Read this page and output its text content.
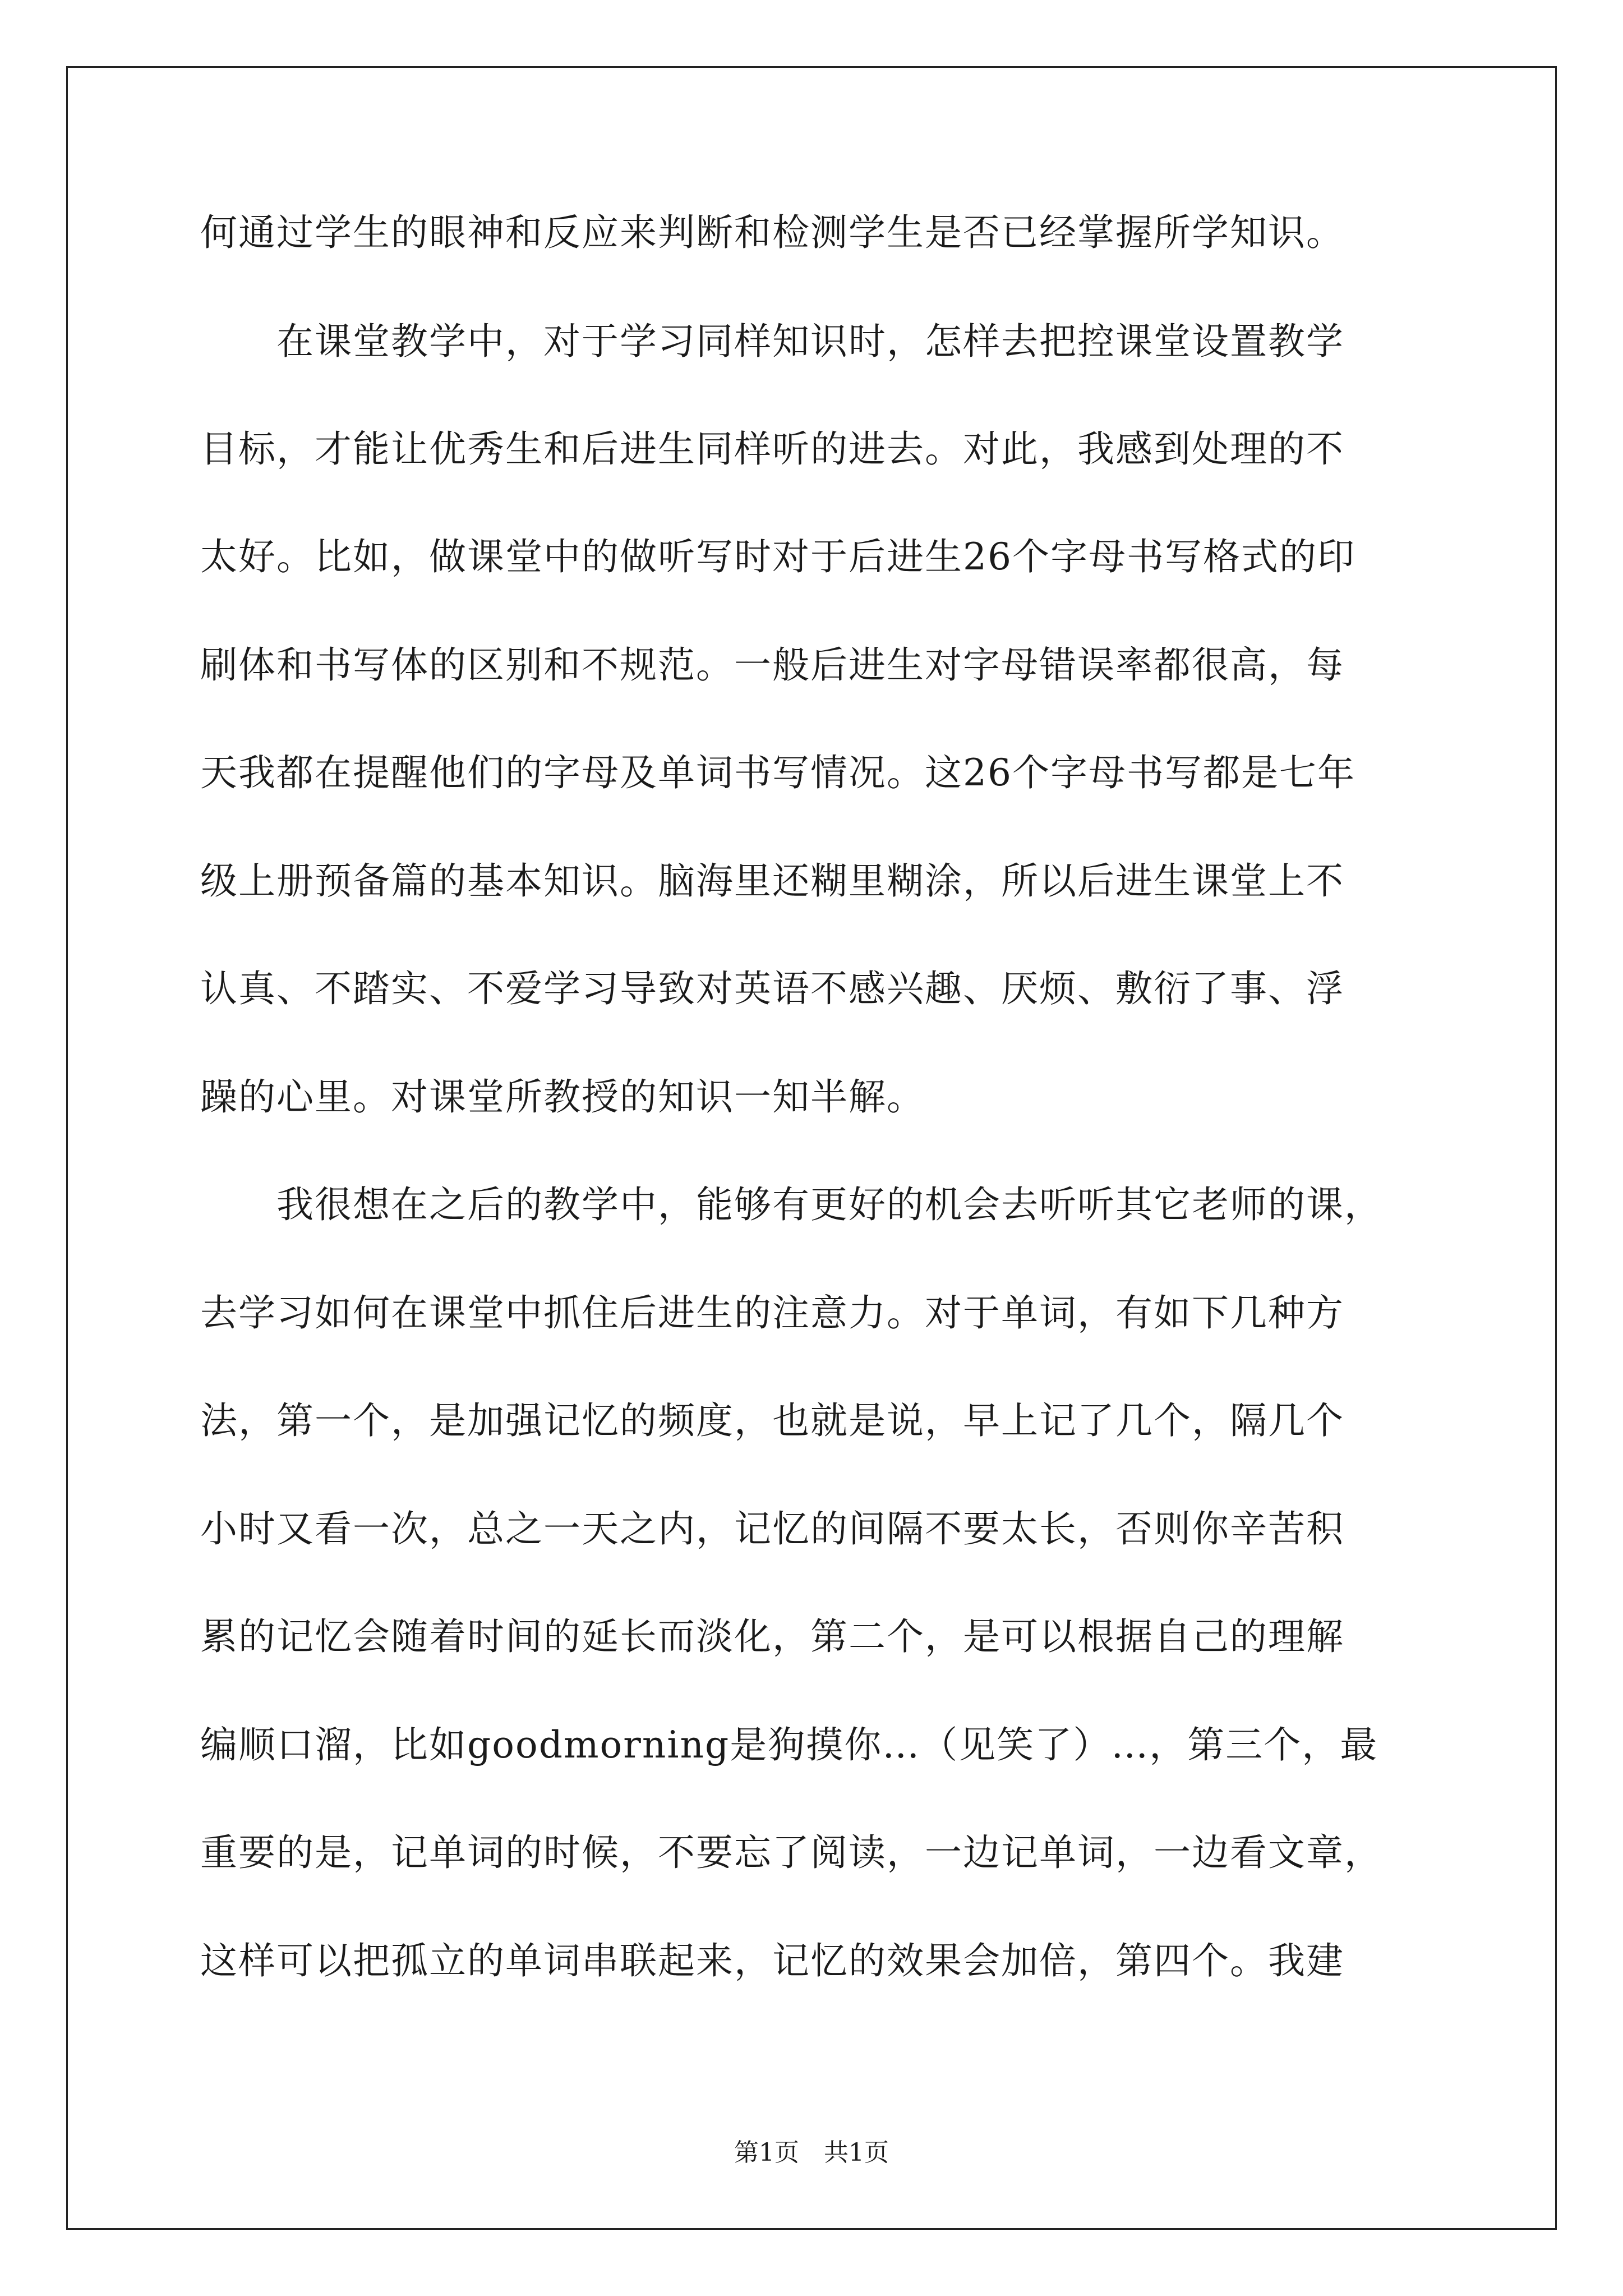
何通过学生的眼神和反应来判断和检测学生是否已经掌握所学知识。
　　在课堂教学中，对于学习同样知识时，怎样去把控课堂设置教学
目标，才能让优秀生和后进生同样听的进去。对此，我感到处理的不
太好。比如，做课堂中的做听写时对于后进生26个字母书写格式的印
刷体和书写体的区别和不规范。一般后进生对字母错误率都很高，每
天我都在提醒他们的字母及单词书写情况。这26个字母书写都是七年
级上册预备篇的基本知识。脑海里还糊里糊涂，所以后进生课堂上不
认真、不踏实、不爱学习导致对英语不感兴趣、厌烦、敷衍了事、浮
躁的心里。对课堂所教授的知识一知半解。
　　我很想在之后的教学中，能够有更好的机会去听听其它老师的课，
去学习如何在课堂中抓住后进生的注意力。对于单词，有如下几种方
法，第一个，是加强记忆的频度，也就是说，早上记了几个，隔几个
小时又看一次，总之一天之内，记忆的间隔不要太长，否则你辛苦积
累的记忆会随着时间的延长而淡化，第二个，是可以根据自己的理解
编顺口溜，比如goodmorning是狗摸你…（见笑了）…，第三个，最
重要的是，记单词的时候，不要忘了阅读，一边记单词，一边看文章，
这样可以把孤立的单词串联起来，记忆的效果会加倍，第四个。我建
第1页　共1页
